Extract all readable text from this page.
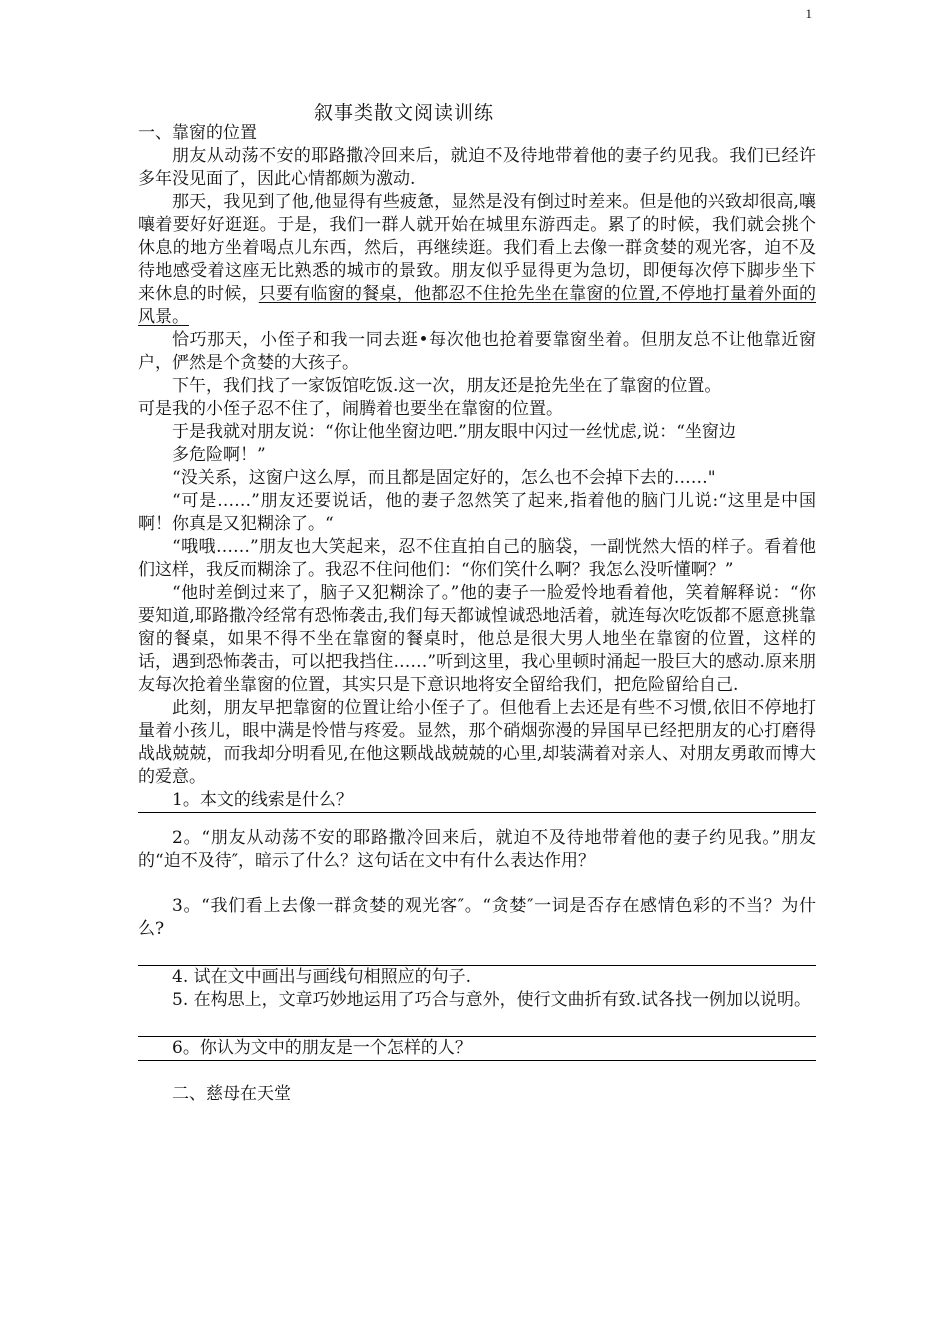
1
叙事类散文阅读训练

一、靠窗的位置

朋友从动荡不安的耶路撒冷回来后，就迫不及待地带着他的妻子约见我。我们已经许多年没见面了，因此心情都颇为激动.

那天，我见到了他,他显得有些疲惫，显然是没有倒过时差来。但是他的兴致却很高,嚷嚷着要好好逛逛。于是，我们一群人就开始在城里东游西走。累了的时候，我们就会挑个休息的地方坐着喝点儿东西，然后，再继续逛。我们看上去像一群贪婪的观光客，迫不及待地感受着这座无比熟悉的城市的景致。朋友似乎显得更为急切，即便每次停下脚步坐下来休息的时候，只要有临窗的餐桌，他都忍不住抢先坐在靠窗的位置,不停地打量着外面的风景。

恰巧那天，小侄子和我一同去逛•每次他也抢着要靠窗坐着。但朋友总不让他靠近窗户，俨然是个贪婪的大孩子。

下午，我们找了一家饭馆吃饭.这一次，朋友还是抢先坐在了靠窗的位置。

可是我的小侄子忍不住了，闹腾着也要坐在靠窗的位置。

于是我就对朋友说：“你让他坐窗边吧.”朋友眼中闪过一丝忧虑,说：“坐窗边

多危险啊！”

“没关系，这窗户这么厚，而且都是固定好的，怎么也不会掉下去的……"

“可是……”朋友还要说话，他的妻子忽然笑了起来,指着他的脑门儿说:“这里是中国啊！你真是又犯糊涂了。“

“哦哦……”朋友也大笑起来，忍不住直拍自己的脑袋，一副恍然大悟的样子。看着他们这样，我反而糊涂了。我忍不住问他们：“你们笑什么啊？我怎么没听懂啊？”

“他时差倒过来了，脑子又犯糊涂了。”他的妻子一脸爱怜地看着他，笑着解释说：“你要知道,耶路撒冷经常有恐怖袭击,我们每天都诚惶诚恐地活着，就连每次吃饭都不愿意挑靠窗的餐桌，如果不得不坐在靠窗的餐桌时，他总是很大男人地坐在靠窗的位置，这样的话，遇到恐怖袭击，可以把我挡住……”听到这里，我心里顿时涌起一股巨大的感动.原来朋友每次抢着坐靠窗的位置，其实只是下意识地将安全留给我们，把危险留给自己.

此刻，朋友早把靠窗的位置让给小侄子了。但他看上去还是有些不习惯,依旧不停地打量着小孩儿，眼中满是怜惜与疼爱。显然，那个硝烟弥漫的异国早已经把朋友的心打磨得战战兢兢，而我却分明看见,在他这颗战战兢兢的心里,却装满着对亲人、对朋友勇敢而博大的爱意。

1。本文的线索是什么？

2。“朋友从动荡不安的耶路撒冷回来后，就迫不及待地带着他的妻子约见我。”朋友的“迫不及待″，暗示了什么？这句话在文中有什么表达作用？

3。“我们看上去像一群贪婪的观光客″。“贪婪″一词是否存在感情色彩的不当？为什么?

4. 试在文中画出与画线句相照应的句子.

5. 在构思上，文章巧妙地运用了巧合与意外，使行文曲折有致.试各找一例加以说明。

6。你认为文中的朋友是一个怎样的人？

二、慈母在天堂
